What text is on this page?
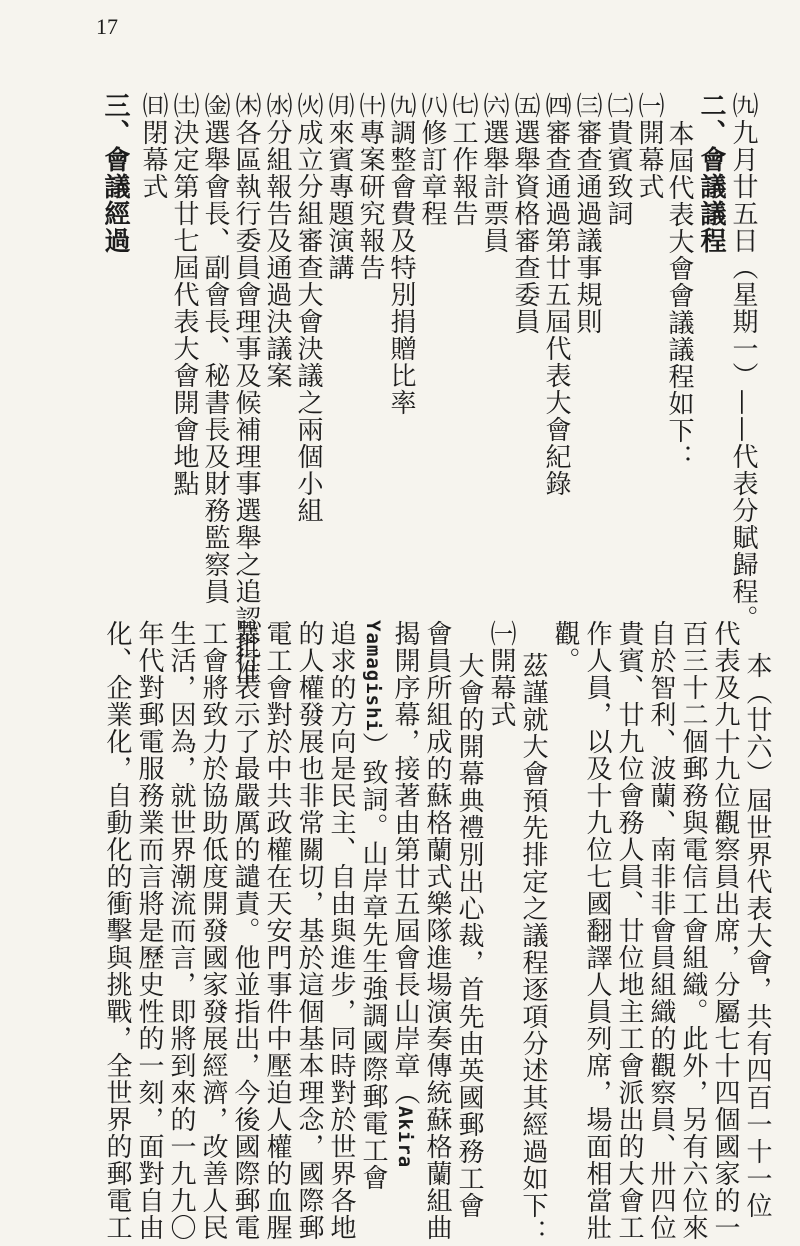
17
㈨九月廿五日（星期一）——代表分賦歸程。
二、會議議程
本屆代表大會會議議程如下：
㈠開幕式
㈡貴賓致詞
㈢審查通過議事規則
㈣審查通過第廿五屆代表大會紀錄
㈤選舉資格審查委員
㈥選舉計票員
㈦工作報告
㈧修訂章程
㈨調整會費及特別捐贈比率
㈩專案研究報告
㈪來賓專題演講
㈫成立分組審查大會決議之兩個小組
㈬分組報告及通過決議案
㈭各區執行委員會理事及候補理事選舉之追認批准
㈮選舉會長、副會長、秘書長及財務監察員
㈯決定第廿七屆代表大會開會地點
㈰閉幕式
三、會議經過
本（廿六）屆世界代表大會，共有四百一十一位
代表及九十九位觀察員出席，分屬七十四個國家的一
百三十二個郵務與電信工會組織。此外，另有六位來
自於智利、波蘭、南非非會員組織的觀察員、卅四位
貴賓、廿九位會務人員、廿位地主工會派出的大會工
作人員，以及十九位七國翻譯人員列席，場面相當壯
觀。
茲謹就大會預先排定之議程逐項分述其經過如下：
㈠開幕式
大會的開幕典禮別出心裁，首先由英國郵務工會
會員所組成的蘇格蘭式樂隊進場演奏傳統蘇格蘭組曲
揭開序幕，接著由第廿五屆會長山岸章（Akira
Yamagishi）致詞。山岸章先生強調國際郵電工會
追求的方向是民主、自由與進步，同時對於世界各地
的人權發展也非常關切，基於這個基本理念，國際郵
電工會對於中共政權在天安門事件中壓迫人權的血腥
暴行表示了最嚴厲的譴責。他並指出，今後國際郵電
工會將致力於協助低度開發國家發展經濟，改善人民
生活，因為，就世界潮流而言，即將到來的一九九〇
年代對郵電服務業而言將是歷史性的一刻，面對自由
化、企業化，自動化的衝擊與挑戰，全世界的郵電工
